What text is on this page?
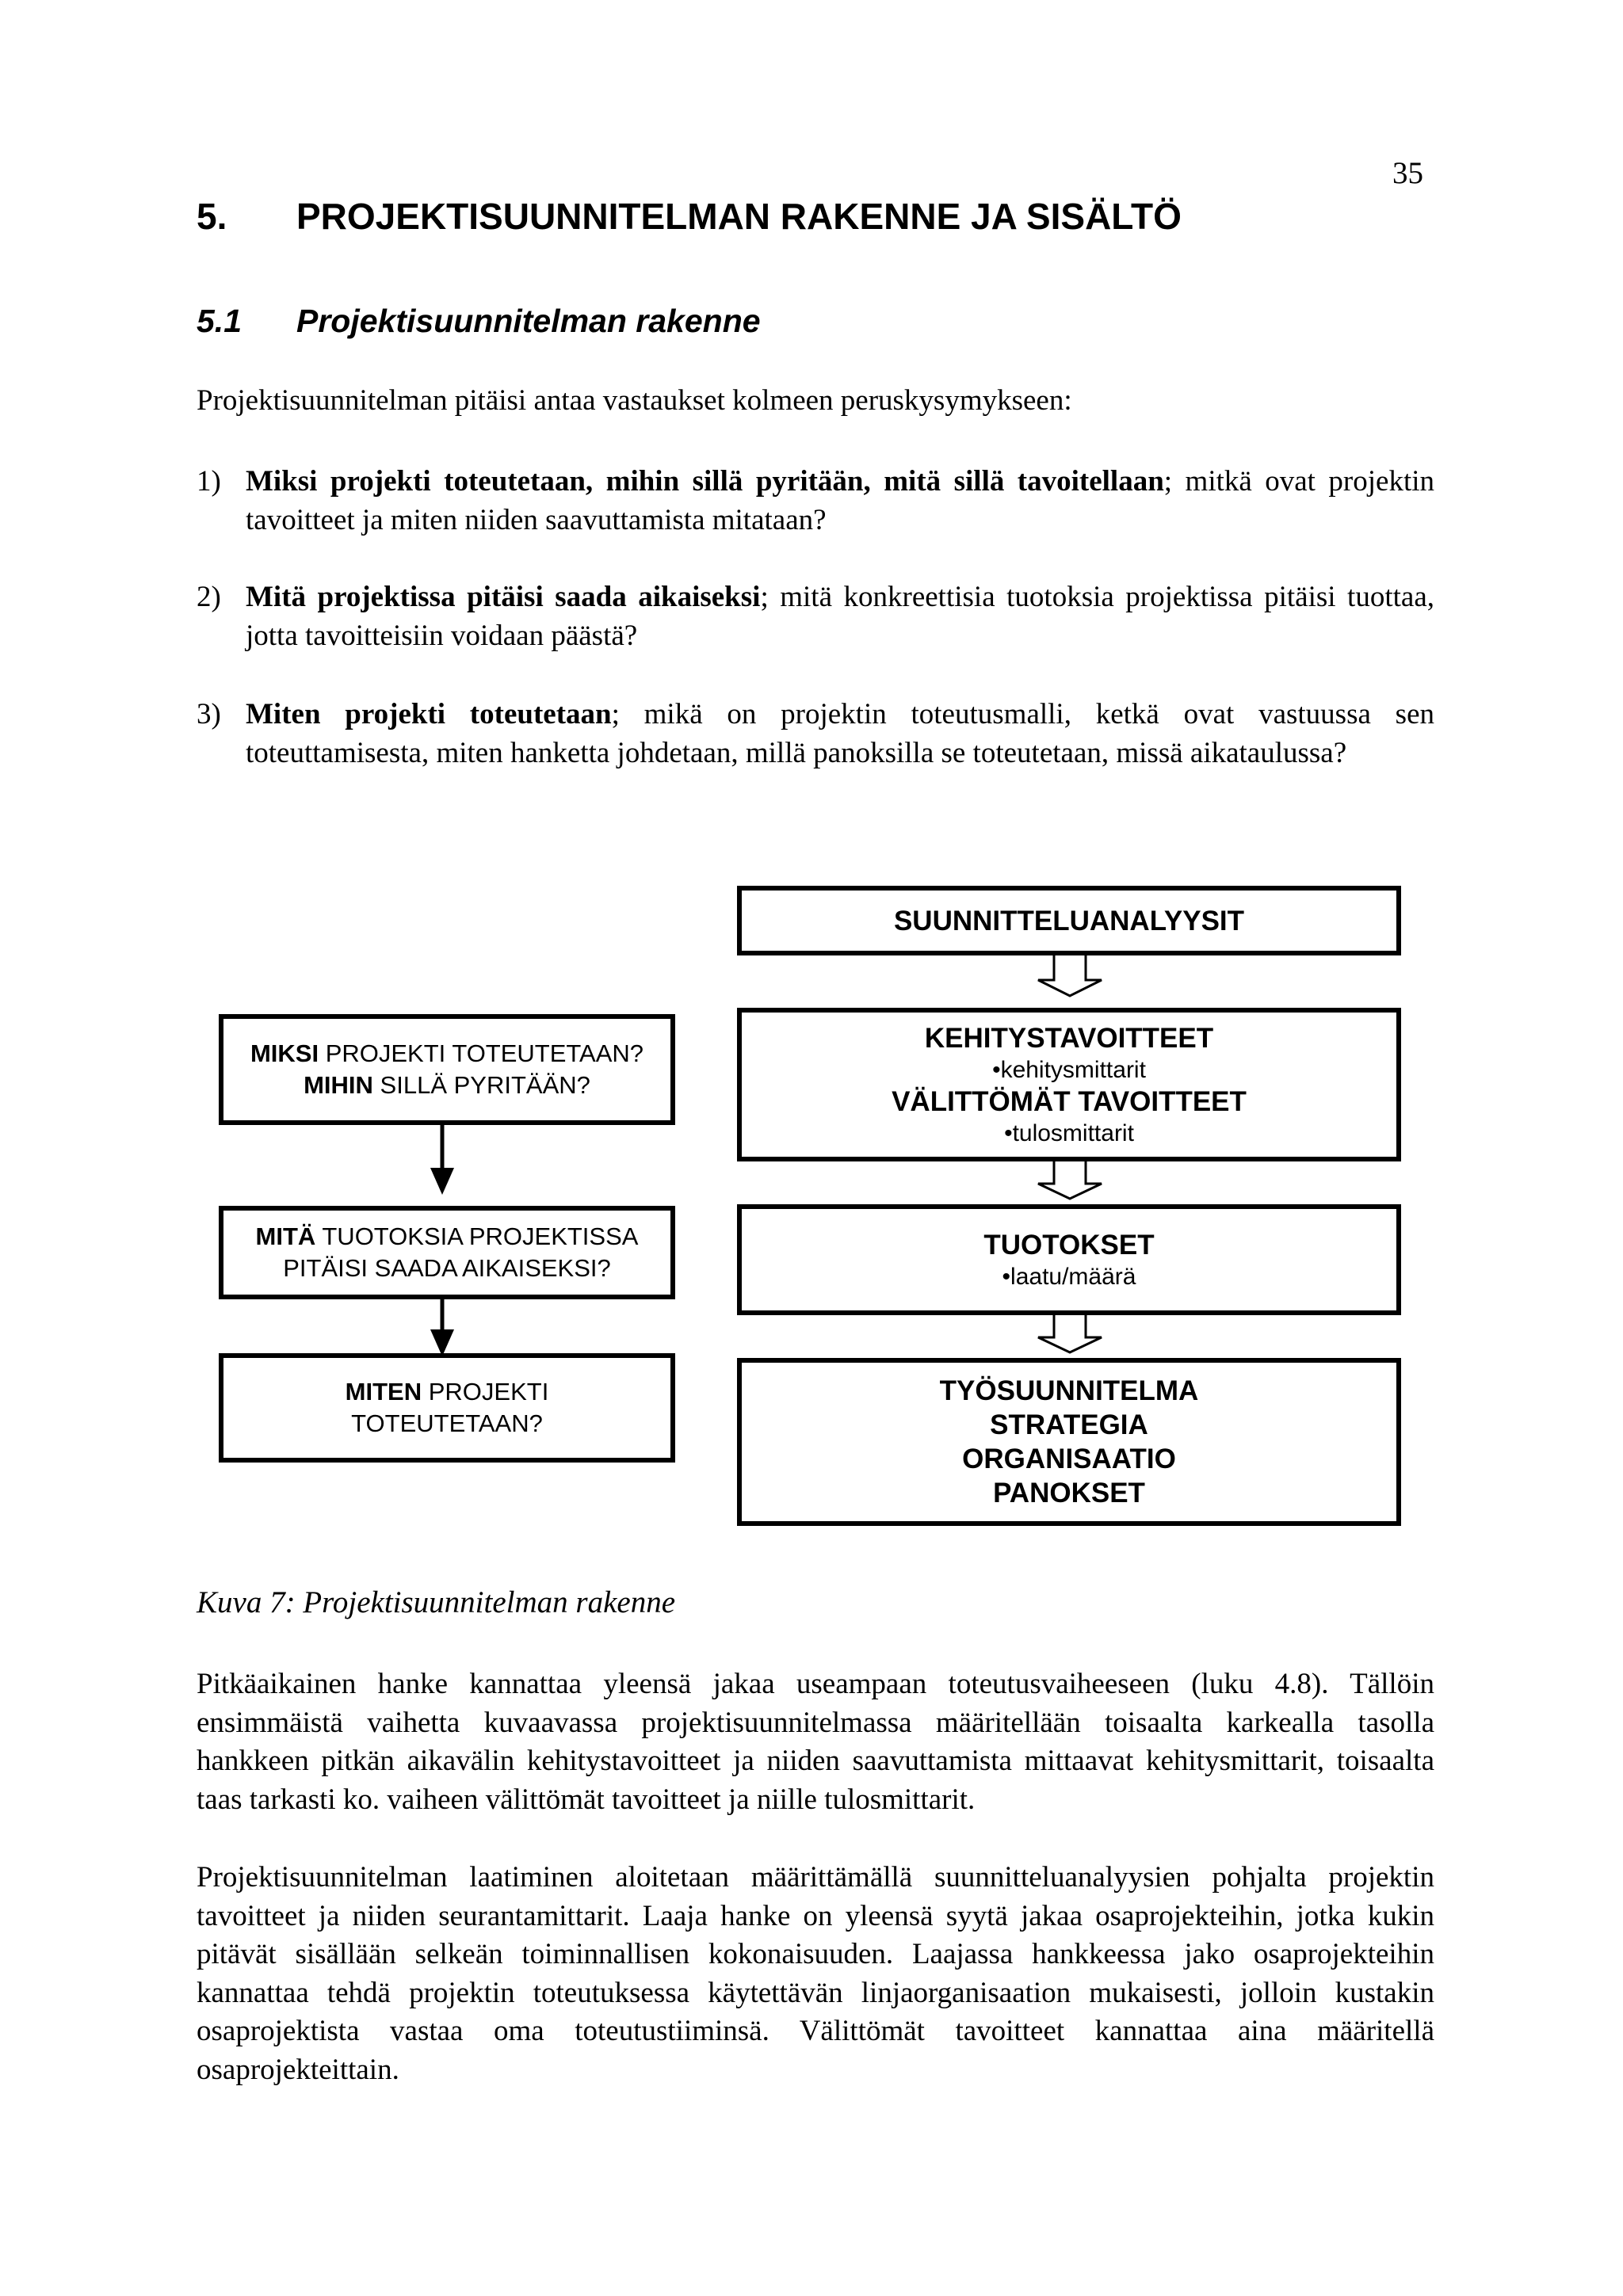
35
5. PROJEKTISUUNNITELMAN RAKENNE JA SISÄLTÖ
5.1 Projektisuunnitelman rakenne
Projektisuunnitelman pitäisi antaa vastaukset kolmeen peruskysymykseen:
1) Miksi projekti toteutetaan, mihin sillä pyritään, mitä sillä tavoitellaan; mitkä ovat projektin tavoitteet ja miten niiden saavuttamista mitataan?
2) Mitä projektissa pitäisi saada aikaiseksi; mitä konkreettisia tuotoksia projektissa pitäisi tuottaa, jotta tavoitteisiin voidaan päästä?
3) Miten projekti toteutetaan; mikä on projektin toteutusmalli, ketkä ovat vastuussa sen toteuttamisesta, miten hanketta johdetaan, millä panoksilla se toteutetaan, missä aikataulussa?
MIKSI PROJEKTI TOTEUTETAAN?
MIHIN SILLÄ PYRITÄÄN?
MITÄ TUOTOKSIA PROJEKTISSA
PITÄISI SAADA AIKAISEKSI?
MITEN PROJEKTI
TOTEUTETAAN?
SUUNNITTELUANALYYSIT
KEHITYSTAVOITTEET
•kehitysmittarit
VÄLITTÖMÄT TAVOITTEET
•tulosmittarit
TUOTOKSET
•laatu/määrä
TYÖSUUNNITELMA
STRATEGIA
ORGANISAATIO
PANOKSET
Kuva 7: Projektisuunnitelman rakenne
Pitkäaikainen hanke kannattaa yleensä jakaa useampaan toteutusvaiheeseen (luku 4.8). Tällöin ensimmäistä vaihetta kuvaavassa projektisuunnitelmassa määritellään toisaalta karkealla tasolla hankkeen pitkän aikavälin kehitystavoitteet ja niiden saavuttamista mittaavat kehitysmittarit, toisaalta taas tarkasti ko. vaiheen välittömät tavoitteet ja niille tulosmittarit.
Projektisuunnitelman laatiminen aloitetaan määrittämällä suunnitteluanalyysien pohjalta projektin tavoitteet ja niiden seurantamittarit. Laaja hanke on yleensä syytä jakaa osaprojekteihin, jotka kukin pitävät sisällään selkeän toiminnallisen kokonaisuuden. Laajassa hankkeessa jako osaprojekteihin kannattaa tehdä projektin toteutuksessa käytettävän linjaorganisaation mukaisesti, jolloin kustakin osaprojektista vastaa oma toteutustiiminsä. Välittömät tavoitteet kannattaa aina määritellä osaprojekteittain.
